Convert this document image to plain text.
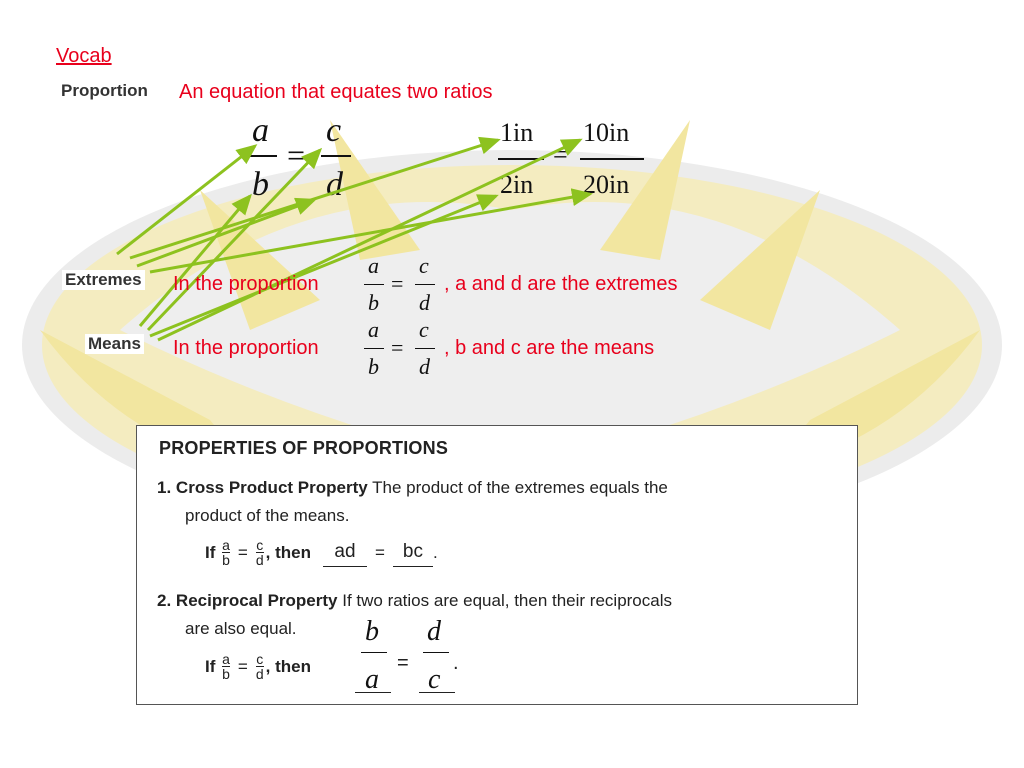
Vocab
Proportion An equation that equates two ratios
a
b
=
c
d
1in
2in
=
10in
20in
Extremes In the proportion
a
b
=
c
d
, a and d are the extremes
Means In the proportion
a
b
=
c
d
, b and c are the means
PROPERTIES OF PROPORTIONS
1. Cross Product Property The product of the extremes equals the
product of the means.
If
$\frac{a}{b} = \frac{c}{d}$ , then	ad	= bc .
2. Reciprocal Property If two ratios are equal, then their reciprocals
are also equal.
If
$\frac{a}{b} = \frac{c}{d}$ , then
b
a
=
d
c
.
